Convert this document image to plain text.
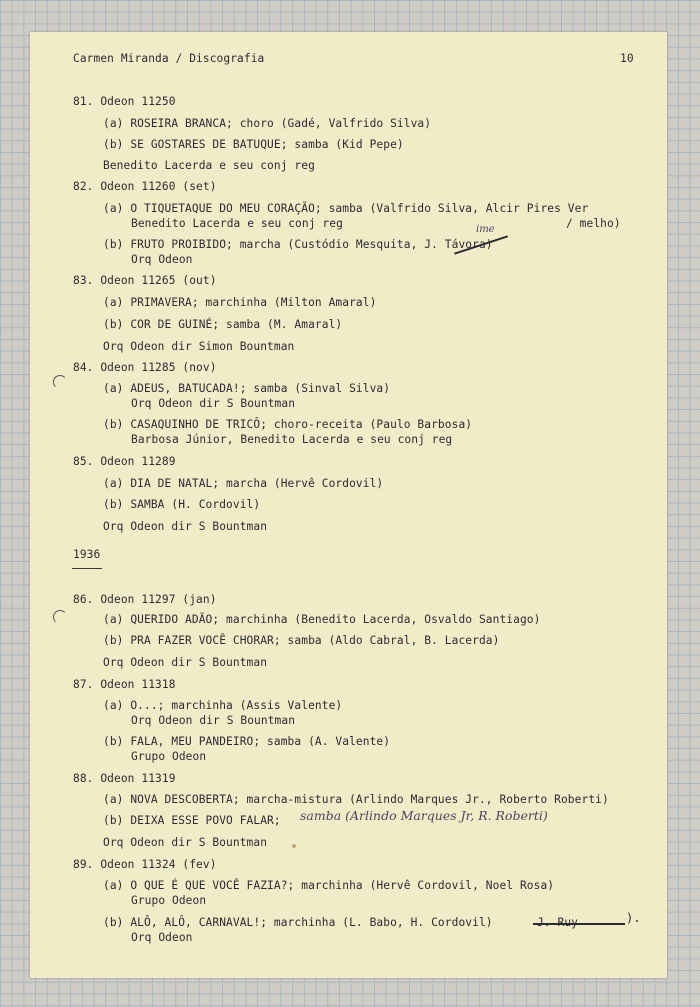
Carmen Miranda / Discografia	10
81. Odeon 11250
(a) ROSEIRA BRANCA; choro (Gadé, Valfrido Silva)
(b) SE GOSTARES DE BATUQUE; samba (Kid Pepe)
Benedito Lacerda e seu conj reg
82. Odeon 11260 (set)
(a) O TIQUETAQUE DO MEU CORAÇÃO; samba (Valfrido Silva, Alcir Pires Ver
Benedito Lacerda e seu conj reg	/ melho)
(b) FRUTO PROIBIDO; marcha (Custódio Mesquita, J. Távora)
ime
Orq Odeon
83. Odeon 11265 (out)
(a) PRIMAVERA; marchinha (Milton Amaral)
(b) COR DE GUINÉ; samba (M. Amaral)
Orq Odeon dir Simon Bountman
84. Odeon 11285 (nov)
(a) ADEUS, BATUCADA!; samba (Sinval Silva)
Orq Odeon dir S Bountman
(b) CASAQUINHO DE TRICÔ; choro-receita (Paulo Barbosa)
Barbosa Júnior, Benedito Lacerda e seu conj reg
85. Odeon 11289
(a) DIA DE NATAL; marcha (Hervê Cordovil)
(b) SAMBA (H. Cordovil)
Orq Odeon dir S Bountman
1936
86. Odeon 11297 (jan)
(a) QUERIDO ADÃO; marchinha (Benedito Lacerda, Osvaldo Santiago)
(b) PRA FAZER VOCÊ CHORAR; samba (Aldo Cabral, B. Lacerda)
Orq Odeon dir S Bountman
87. Odeon 11318
(a) O...; marchinha (Assis Valente)
Orq Odeon dir S Bountman
(b) FALA, MEU PANDEIRO; samba (A. Valente)
Grupo Odeon
88. Odeon 11319
(a) NOVA DESCOBERTA; marcha-mistura (Arlindo Marques Jr., Roberto Roberti)
(b) DEIXA ESSE POVO FALAR; samba (Arlindo Marques Jr, R. Roberti)
Orq Odeon dir S Bountman
89. Odeon 11324 (fev)
(a) O QUE É QUE VOCÊ FAZIA?; marchinha (Hervê Cordovil, Noel Rosa)
Grupo Odeon
(b) ALÔ, ALÔ, CARNAVAL!; marchinha (L. Babo, H. Cordovil)	).
Orq Odeon
